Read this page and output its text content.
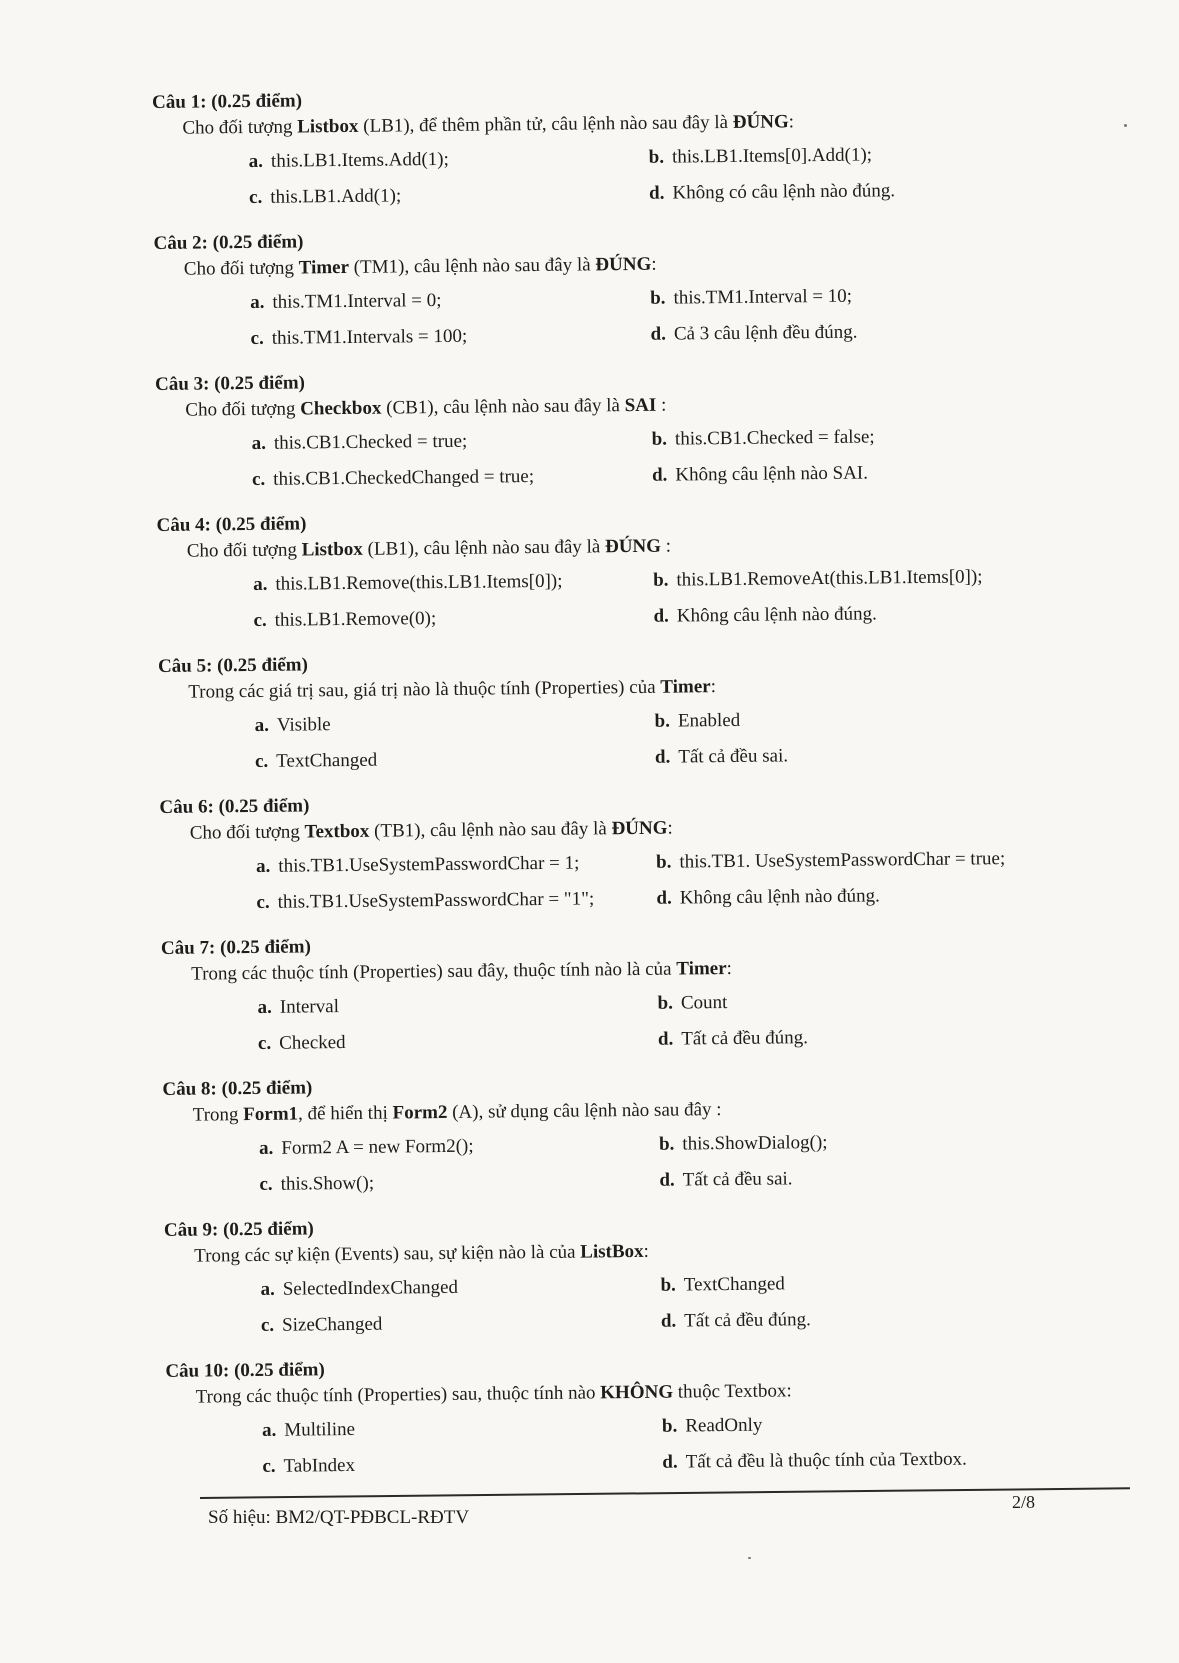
Câu 1: (0.25 điểm)
Cho đối tượng Listbox (LB1), để thêm phần tử, câu lệnh nào sau đây là ĐÚNG:
a. this.LB1.Items.Add(1);	b. this.LB1.Items[0].Add(1);
c. this.LB1.Add(1);	d. Không có câu lệnh nào đúng.
Câu 2: (0.25 điểm)
Cho đối tượng Timer (TM1), câu lệnh nào sau đây là ĐÚNG:
a. this.TM1.Interval = 0;	b. this.TM1.Interval = 10;
c. this.TM1.Intervals = 100;	d. Cả 3 câu lệnh đều đúng.
Câu 3: (0.25 điểm)
Cho đối tượng Checkbox (CB1), câu lệnh nào sau đây là SAI :
a. this.CB1.Checked = true;	b. this.CB1.Checked = false;
c. this.CB1.CheckedChanged = true;	d. Không câu lệnh nào SAI.
Câu 4: (0.25 điểm)
Cho đối tượng Listbox (LB1), câu lệnh nào sau đây là ĐÚNG :
a. this.LB1.Remove(this.LB1.Items[0]);	b. this.LB1.RemoveAt(this.LB1.Items[0]);
c. this.LB1.Remove(0);	d. Không câu lệnh nào đúng.
Câu 5: (0.25 điểm)
Trong các giá trị sau, giá trị nào là thuộc tính (Properties) của Timer:
a. Visible	b. Enabled
c. TextChanged	d. Tất cả đều sai.
Câu 6: (0.25 điểm)
Cho đối tượng Textbox (TB1), câu lệnh nào sau đây là ĐÚNG:
a. this.TB1.UseSystemPasswordChar = 1;	b. this.TB1. UseSystemPasswordChar = true;
c. this.TB1.UseSystemPasswordChar = "1";	d. Không câu lệnh nào đúng.
Câu 7: (0.25 điểm)
Trong các thuộc tính (Properties) sau đây, thuộc tính nào là của Timer:
a. Interval	b. Count
c. Checked	d. Tất cả đều đúng.
Câu 8: (0.25 điểm)
Trong Form1, để hiển thị Form2 (A), sử dụng câu lệnh nào sau đây :
a. Form2 A = new Form2();	b. this.ShowDialog();
c. this.Show();	d. Tất cả đều sai.
Câu 9: (0.25 điểm)
Trong các sự kiện (Events) sau, sự kiện nào là của ListBox:
a. SelectedIndexChanged	b. TextChanged
c. SizeChanged	d. Tất cả đều đúng.
Câu 10: (0.25 điểm)
Trong các thuộc tính (Properties) sau, thuộc tính nào KHÔNG thuộc Textbox:
a. Multiline	b. ReadOnly
c. TabIndex	d. Tất cả đều là thuộc tính của Textbox.
Số hiệu: BM2/QT-PĐBCL-RĐTV
2/8
